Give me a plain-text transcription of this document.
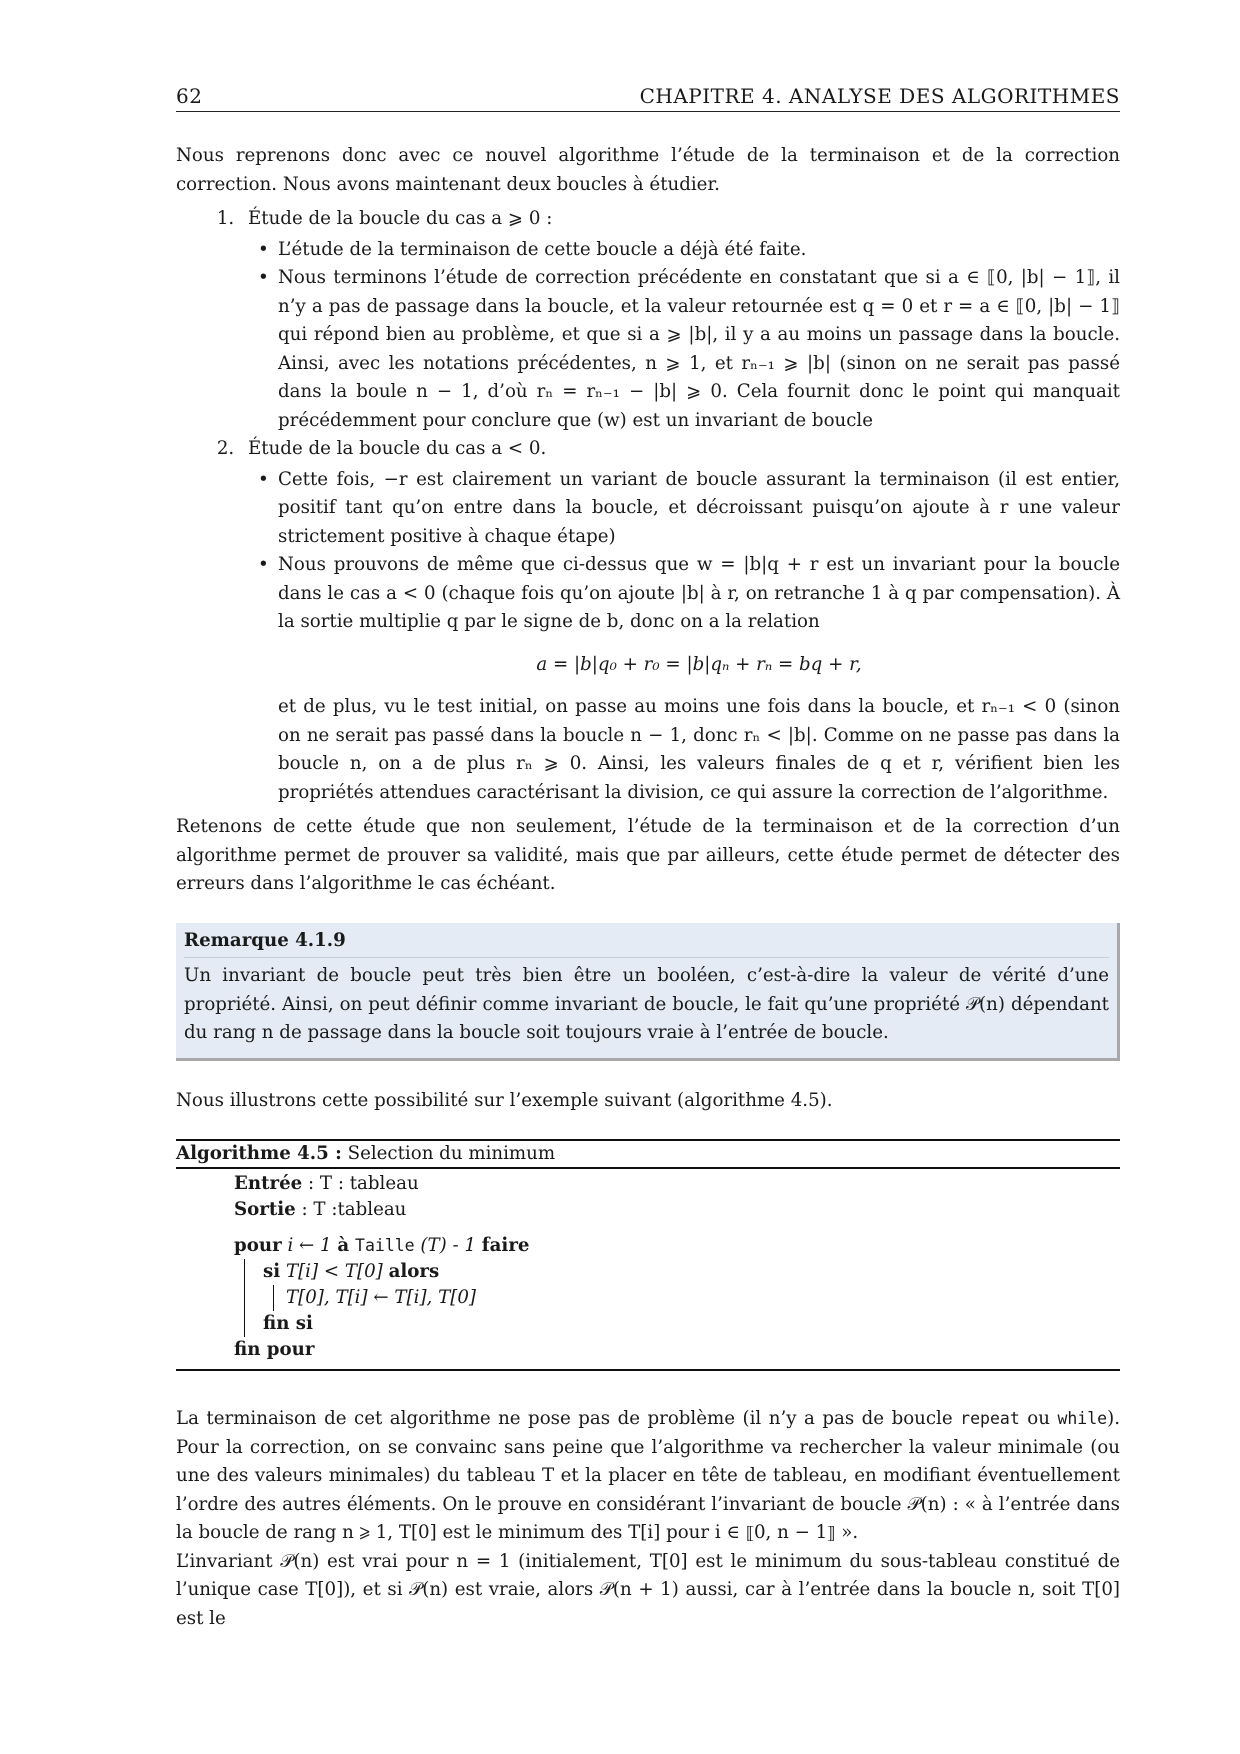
62	CHAPITRE 4. ANALYSE DES ALGORITHMES

Nous reprenons donc avec ce nouvel algorithme l’étude de la terminaison et de la correction correction. Nous avons maintenant deux boucles à étudier.

1. Étude de la boucle du cas a ⩾ 0 :
• L’étude de la terminaison de cette boucle a déjà été faite.
• Nous terminons l’étude de correction précédente en constatant que si a ∈ ⟦0, |b| − 1⟧, il n’y a pas de passage dans la boucle, et la valeur retournée est q = 0 et r = a ∈ ⟦0, |b| − 1⟧ qui répond bien au problème, et que si a ⩾ |b|, il y a au moins un passage dans la boucle. Ainsi, avec les notations précédentes, n ⩾ 1, et rₙ₋₁ ⩾ |b| (sinon on ne serait pas passé dans la boule n − 1, d’où rₙ = rₙ₋₁ − |b| ⩾ 0. Cela fournit donc le point qui manquait précédemment pour conclure que (w) est un invariant de boucle
2. Étude de la boucle du cas a < 0.
• Cette fois, −r est clairement un variant de boucle assurant la terminaison (il est entier, positif tant qu’on entre dans la boucle, et décroissant puisqu’on ajoute à r une valeur strictement positive à chaque étape)
• Nous prouvons de même que ci-dessus que w = |b|q + r est un invariant pour la boucle dans le cas a < 0 (chaque fois qu’on ajoute |b| à r, on retranche 1 à q par compensation). À la sortie multiplie q par le signe de b, donc on a la relation
a = |b|q₀ + r₀ = |b|qₙ + rₙ = bq + r,
et de plus, vu le test initial, on passe au moins une fois dans la boucle, et rₙ₋₁ < 0 (sinon on ne serait pas passé dans la boucle n − 1, donc rₙ < |b|. Comme on ne passe pas dans la boucle n, on a de plus rₙ ⩾ 0. Ainsi, les valeurs finales de q et r, vérifient bien les propriétés attendues caractérisant la division, ce qui assure la correction de l’algorithme.

Retenons de cette étude que non seulement, l’étude de la terminaison et de la correction d’un algorithme permet de prouver sa validité, mais que par ailleurs, cette étude permet de détecter des erreurs dans l’algorithme le cas échéant.

Remarque 4.1.9
Un invariant de boucle peut très bien être un booléen, c’est-à-dire la valeur de vérité d’une propriété. Ainsi, on peut définir comme invariant de boucle, le fait qu’une propriété 𝒫(n) dépendant du rang n de passage dans la boucle soit toujours vraie à l’entrée de boucle.

Nous illustrons cette possibilité sur l’exemple suivant (algorithme 4.5).

Algorithme 4.5 : Selection du minimum
Entrée : T : tableau
Sortie : T :tableau
pour i ← 1 à Taille (T) - 1 faire
si T[i] < T[0] alors
T[0], T[i] ← T[i], T[0]
fin si
fin pour

La terminaison de cet algorithme ne pose pas de problème (il n’y a pas de boucle repeat ou while). Pour la correction, on se convainc sans peine que l’algorithme va rechercher la valeur minimale (ou une des valeurs minimales) du tableau T et la placer en tête de tableau, en modifiant éventuellement l’ordre des autres éléments. On le prouve en considérant l’invariant de boucle 𝒫(n) : « à l’entrée dans la boucle de rang n ⩾ 1, T[0] est le minimum des T[i] pour i ∈ ⟦0, n − 1⟧ ».

L’invariant 𝒫(n) est vrai pour n = 1 (initialement, T[0] est le minimum du sous-tableau constitué de l’unique case T[0]), et si 𝒫(n) est vraie, alors 𝒫(n + 1) aussi, car à l’entrée dans la boucle n, soit T[0] est le
